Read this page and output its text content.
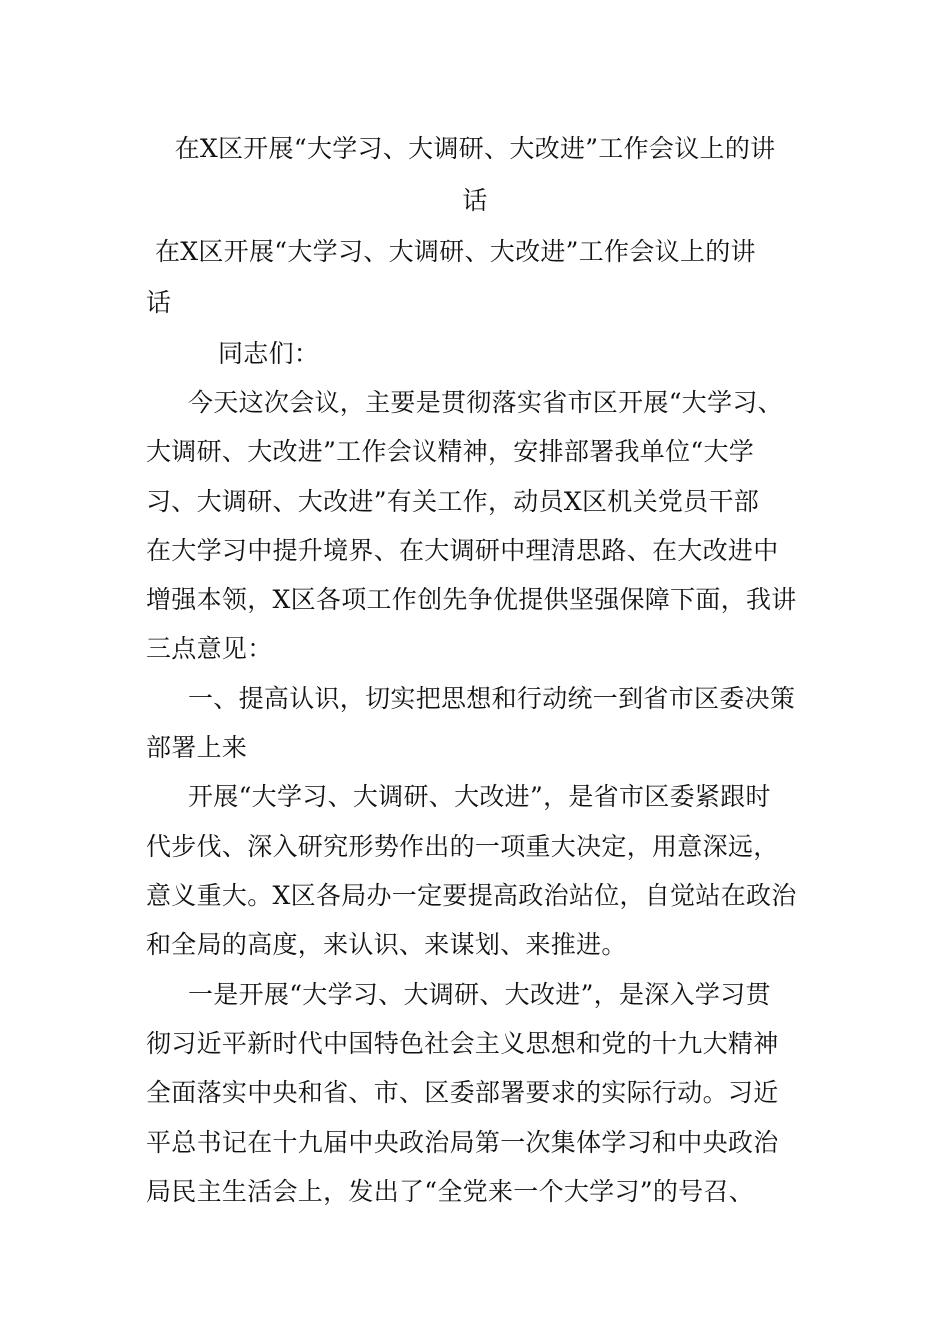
在X区开展“大学习、大调研、大改进”工作会议上的讲
话
在X区开展“大学习、大调研、大改进”工作会议上的讲
话
同志们：
今天这次会议，主要是贯彻落实省市区开展“大学习、
大调研、大改进”工作会议精神，安排部署我单位“大学
习、大调研、大改进”有关工作，动员X区机关党员干部
在大学习中提升境界、在大调研中理清思路、在大改进中
增强本领，X区各项工作创先争优提供坚强保障下面，我讲
三点意见：
一、提高认识，切实把思想和行动统一到省市区委决策
部署上来
开展“大学习、大调研、大改进”，是省市区委紧跟时
代步伐、深入研究形势作出的一项重大决定，用意深远，
意义重大。X区各局办一定要提高政治站位，自觉站在政治
和全局的高度，来认识、来谋划、来推进。
一是开展“大学习、大调研、大改进”，是深入学习贯
彻习近平新时代中国特色社会主义思想和党的十九大精神
全面落实中央和省、市、区委部署要求的实际行动。习近
平总书记在十九届中央政治局第一次集体学习和中央政治
局民主生活会上，发出了“全党来一个大学习”的号召、
